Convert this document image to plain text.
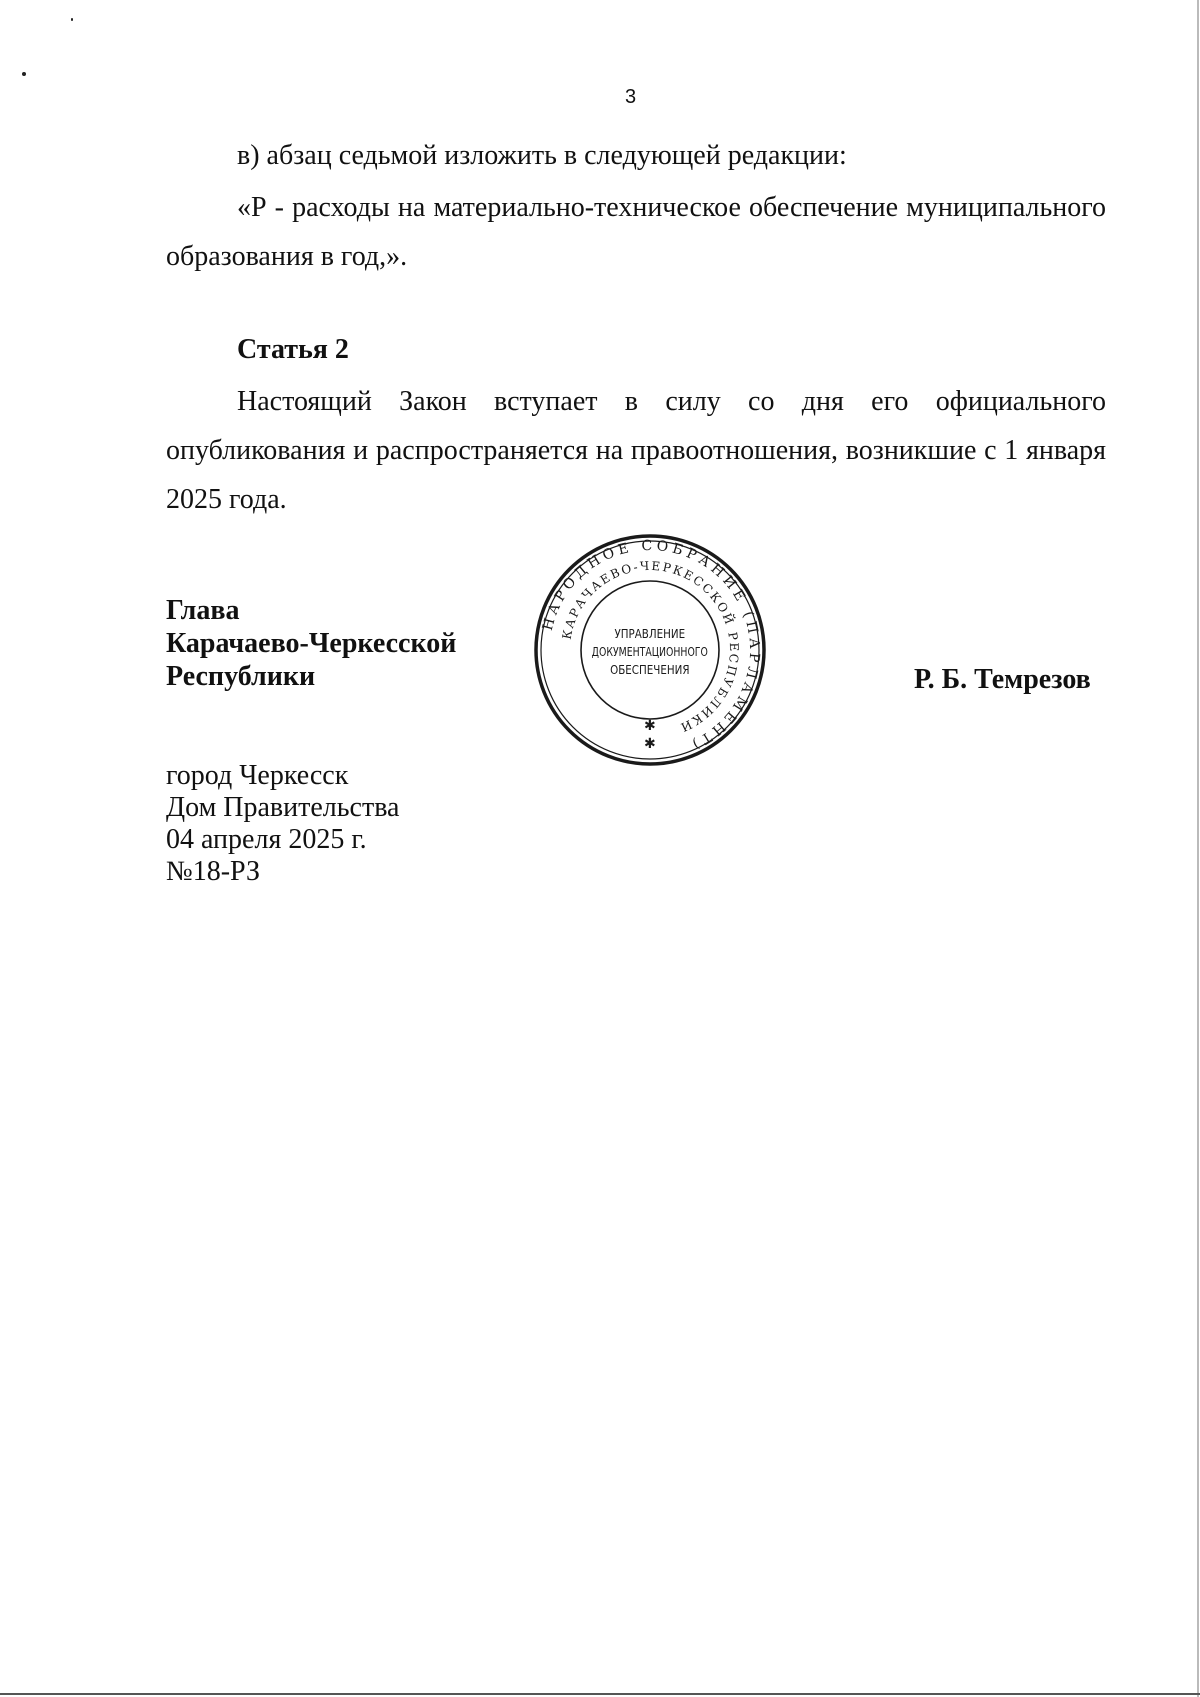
3

в) абзац седьмой изложить в следующей редакции:

«Р - расходы на материально-техническое обеспечение муниципального образования в год,».

Статья 2

Настоящий Закон вступает в силу со дня его официального опубликования и распространяется на правоотношения, возникшие с 1 января 2025 года.

Глава
Карачаево-Черкесской
Республики
НАРОДНОЕ СОБРАНИЕ (ПАРЛАМЕНТ)
КАРАЧАЕВО-ЧЕРКЕССКОЙ РЕСПУБЛИКИ
УПРАВЛЕНИЕ
ДОКУМЕНТАЦИОННОГО
ОБЕСПЕЧЕНИЯ
✱
✱
Р. Б. Темрезов
город Черкесск
Дом Правительства
04 апреля 2025 г.
№18-РЗ
